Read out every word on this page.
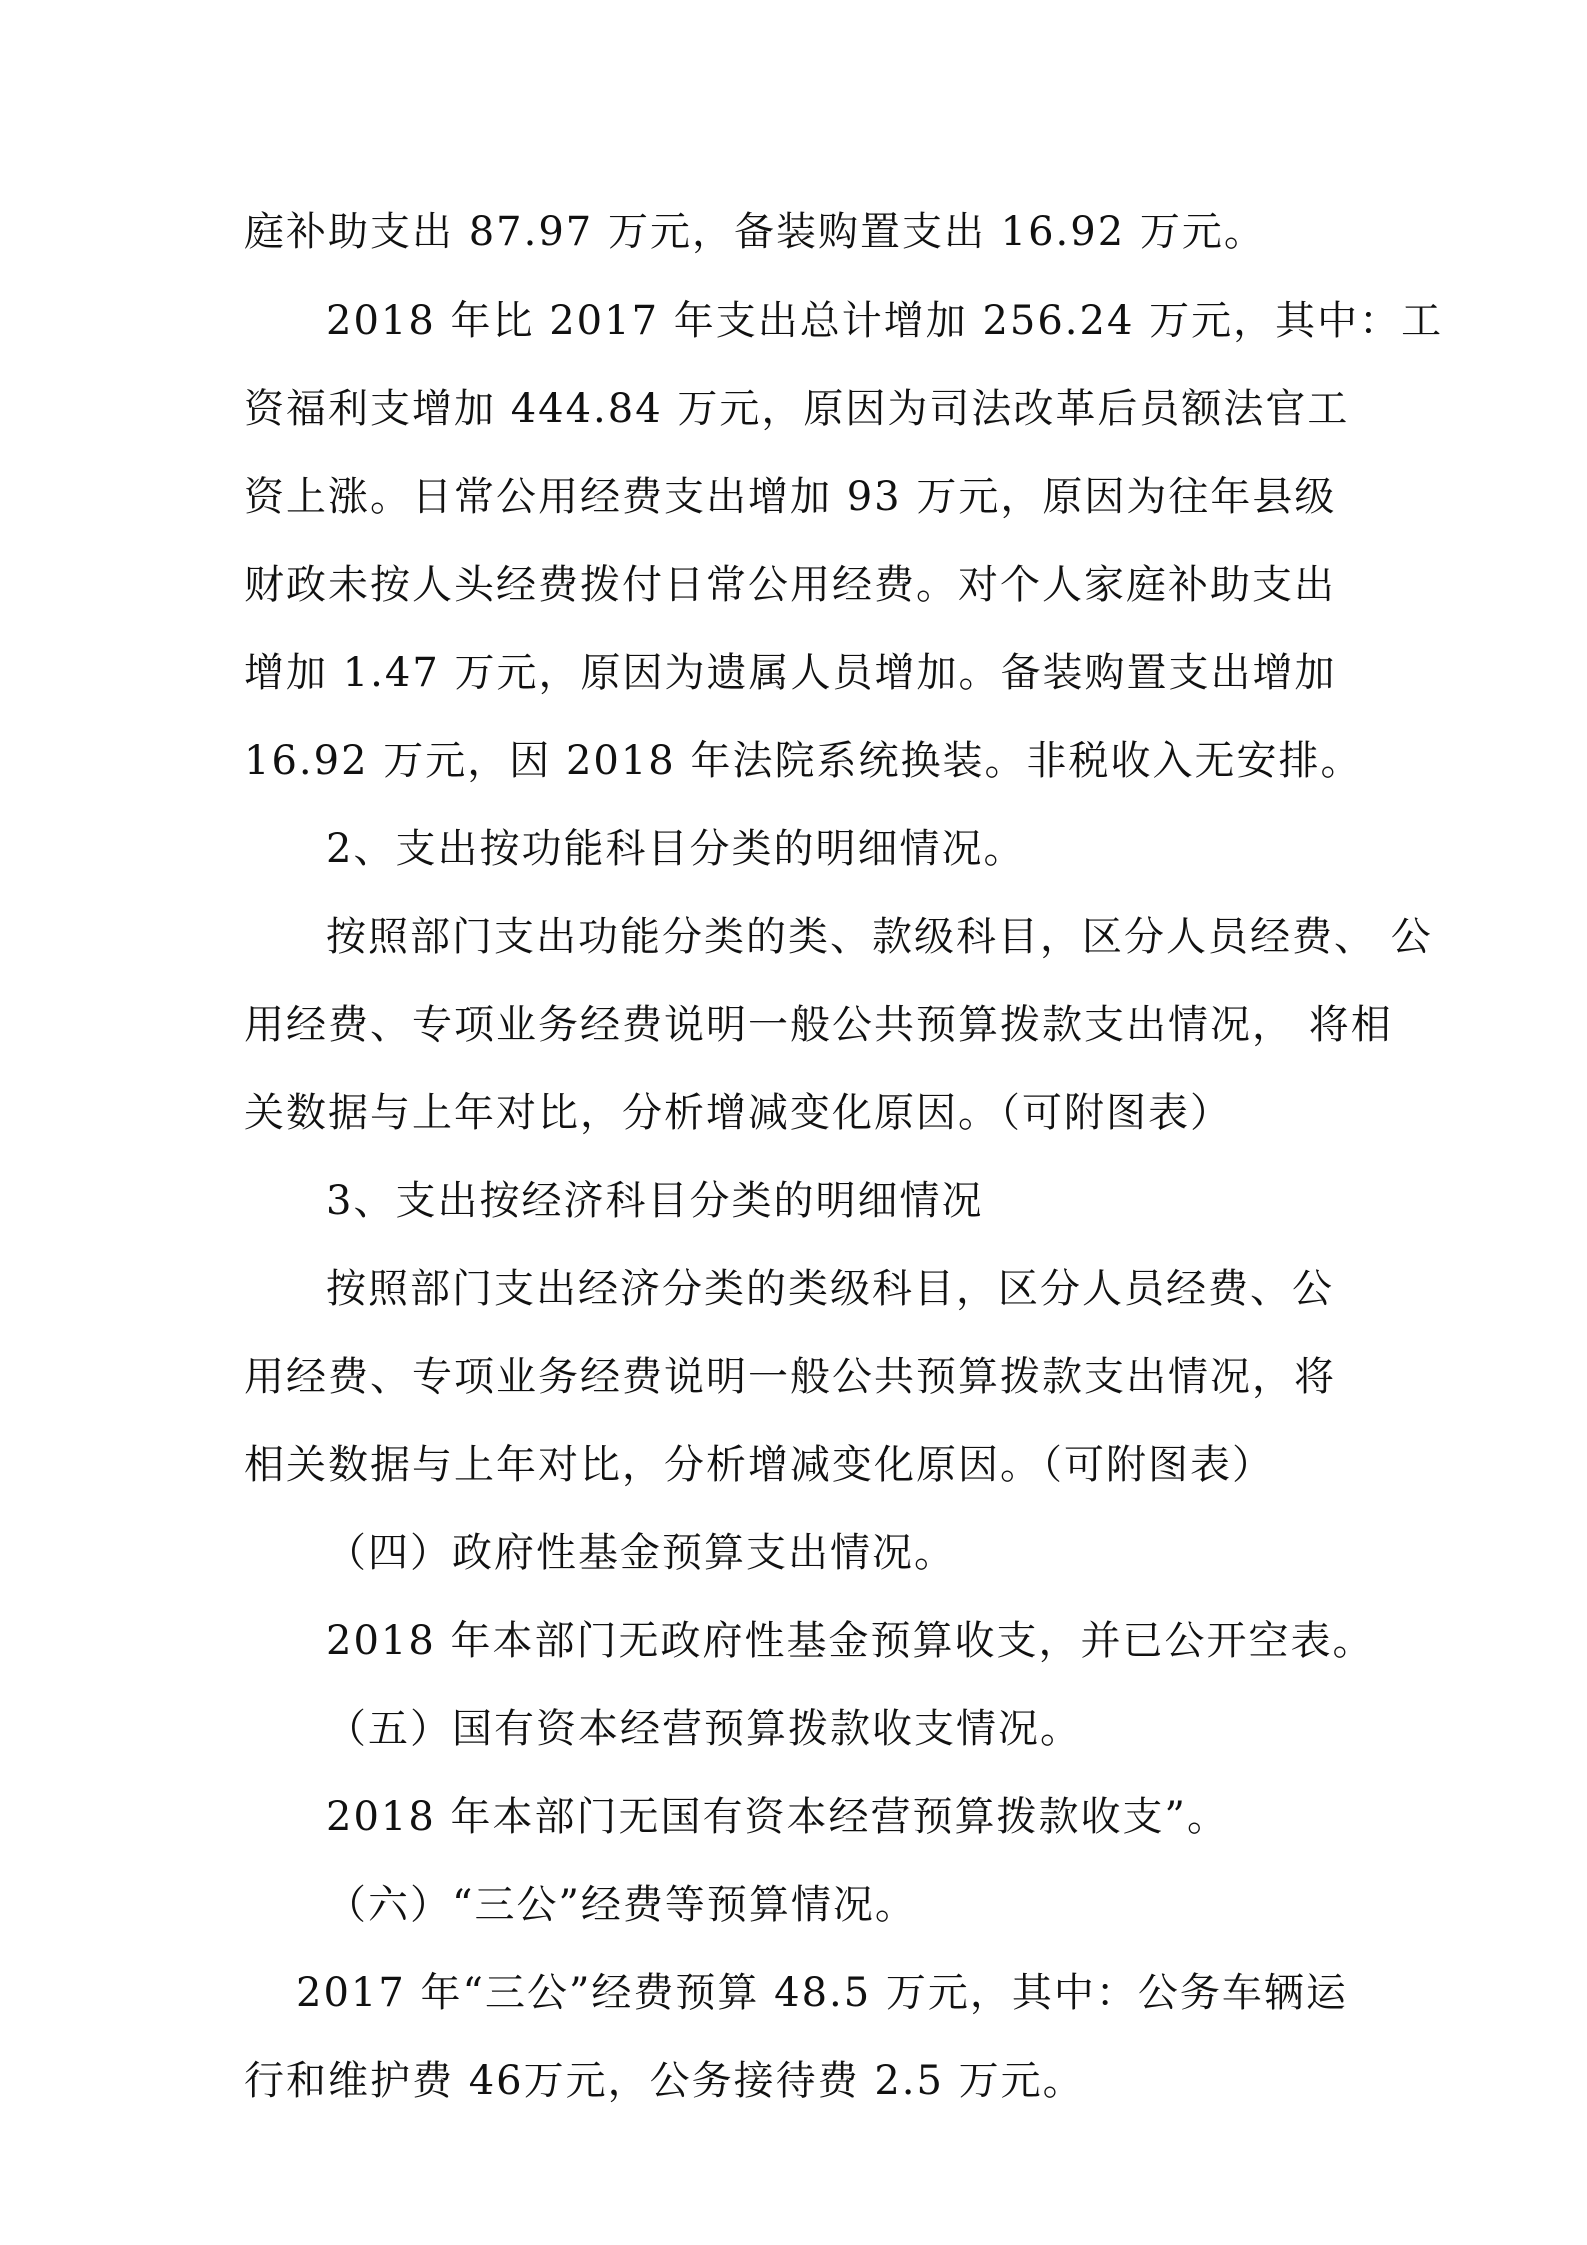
庭补助支出 87.97 万元，备装购置支出 16.92 万元。

2018 年比 2017 年支出总计增加 256.24 万元，其中：工

资福利支增加 444.84 万元，原因为司法改革后员额法官工

资上涨。日常公用经费支出增加 93 万元，原因为往年县级

财政未按人头经费拨付日常公用经费。对个人家庭补助支出

增加 1.47 万元，原因为遗属人员增加。备装购置支出增加

16.92 万元，因 2018 年法院系统换装。非税收入无安排。

2、支出按功能科目分类的明细情况。

按照部门支出功能分类的类、款级科目，区分人员经费、 公

用经费、专项业务经费说明一般公共预算拨款支出情况， 将相

关数据与上年对比，分析增减变化原因。（可附图表）

3、支出按经济科目分类的明细情况

按照部门支出经济分类的类级科目，区分人员经费、公

用经费、专项业务经费说明一般公共预算拨款支出情况，将

相关数据与上年对比，分析增减变化原因。（可附图表）

（四）政府性基金预算支出情况。

2018 年本部门无政府性基金预算收支，并已公开空表。

（五）国有资本经营预算拨款收支情况。

2018 年本部门无国有资本经营预算拨款收支”。

（六）“三公”经费等预算情况。

2017 年“三公”经费预算 48.5 万元，其中：公务车辆运

行和维护费 46万元，公务接待费 2.5 万元。
